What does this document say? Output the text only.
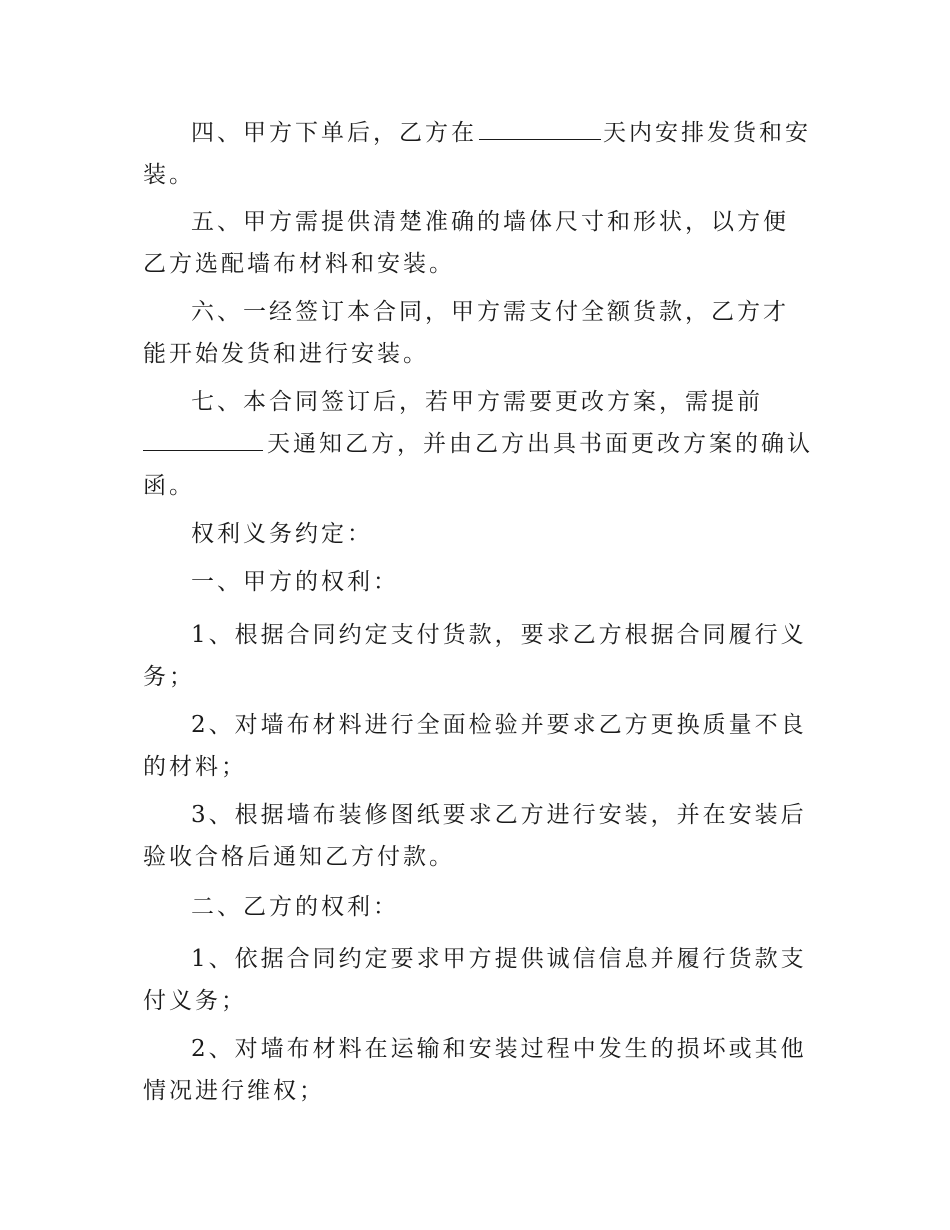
四、甲方下单后，乙方在	天内安排发货和安装。

五、甲方需提供清楚准确的墙体尺寸和形状，以方便乙方选配墙布材料和安装。

六、一经签订本合同，甲方需支付全额货款，乙方才能开始发货和进行安装。

七、本合同签订后，若甲方需要更改方案，需提前天通知乙方，并由乙方出具书面更改方案的确认函。

权利义务约定：

一、甲方的权利：

1、根据合同约定支付货款，要求乙方根据合同履行义务；

2、对墙布材料进行全面检验并要求乙方更换质量不良的材料；

3、根据墙布装修图纸要求乙方进行安装，并在安装后验收合格后通知乙方付款。

二、乙方的权利：

1、依据合同约定要求甲方提供诚信信息并履行货款支付义务；

2、对墙布材料在运输和安装过程中发生的损坏或其他情况进行维权；
